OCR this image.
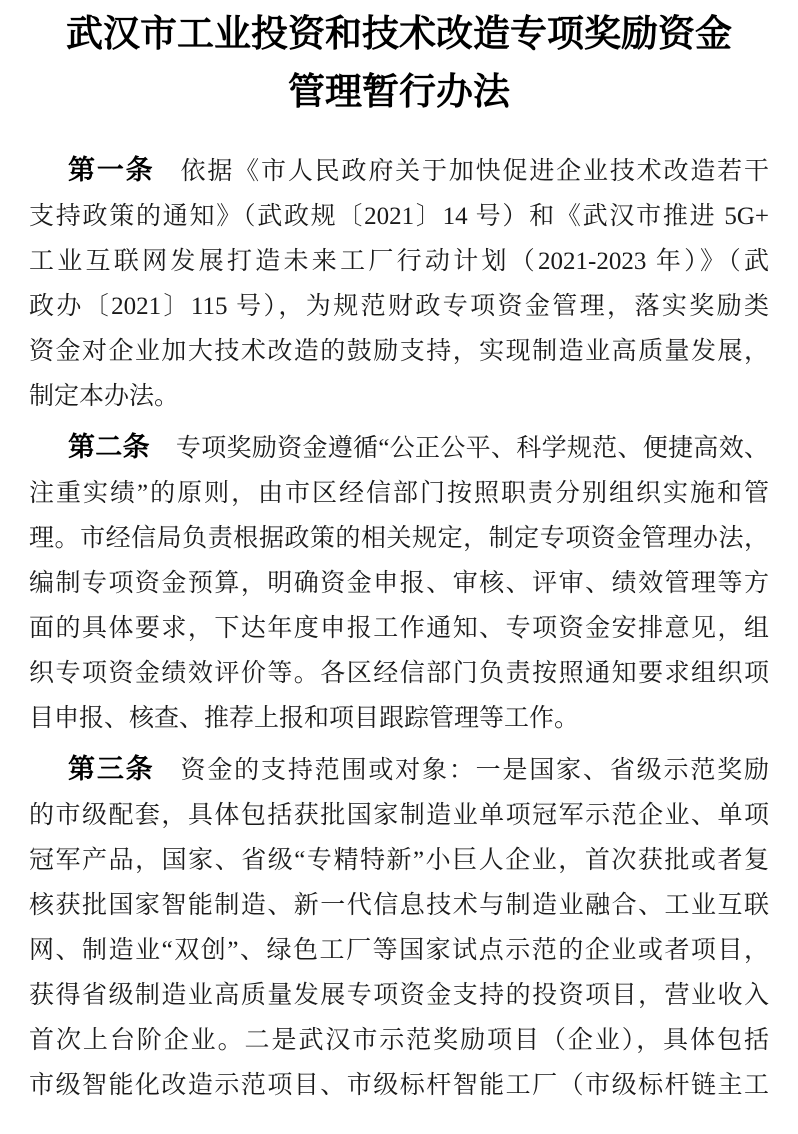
武汉市工业投资和技术改造专项奖励资金
管理暂行办法
第一条 依据《市人民政府关于加快促进企业技术改造若干
支持政策的通知》（武政规〔2021〕14 号）和《武汉市推进 5G+
工业互联网发展打造未来工厂行动计划（2021-2023 年）》（武
政办〔2021〕115 号），为规范财政专项资金管理，落实奖励类
资金对企业加大技术改造的鼓励支持，实现制造业高质量发展，
制定本办法。
第二条 专项奖励资金遵循“公正公平、科学规范、便捷高效、
注重实绩”的原则，由市区经信部门按照职责分别组织实施和管
理。市经信局负责根据政策的相关规定，制定专项资金管理办法，
编制专项资金预算，明确资金申报、审核、评审、绩效管理等方
面的具体要求，下达年度申报工作通知、专项资金安排意见，组
织专项资金绩效评价等。各区经信部门负责按照通知要求组织项
目申报、核查、推荐上报和项目跟踪管理等工作。
第三条 资金的支持范围或对象：一是国家、省级示范奖励
的市级配套，具体包括获批国家制造业单项冠军示范企业、单项
冠军产品，国家、省级“专精特新”小巨人企业，首次获批或者复
核获批国家智能制造、新一代信息技术与制造业融合、工业互联
网、制造业“双创”、绿色工厂等国家试点示范的企业或者项目，
获得省级制造业高质量发展专项资金支持的投资项目，营业收入
首次上台阶企业。二是武汉市示范奖励项目（企业），具体包括
市级智能化改造示范项目、市级标杆智能工厂（市级标杆链主工
